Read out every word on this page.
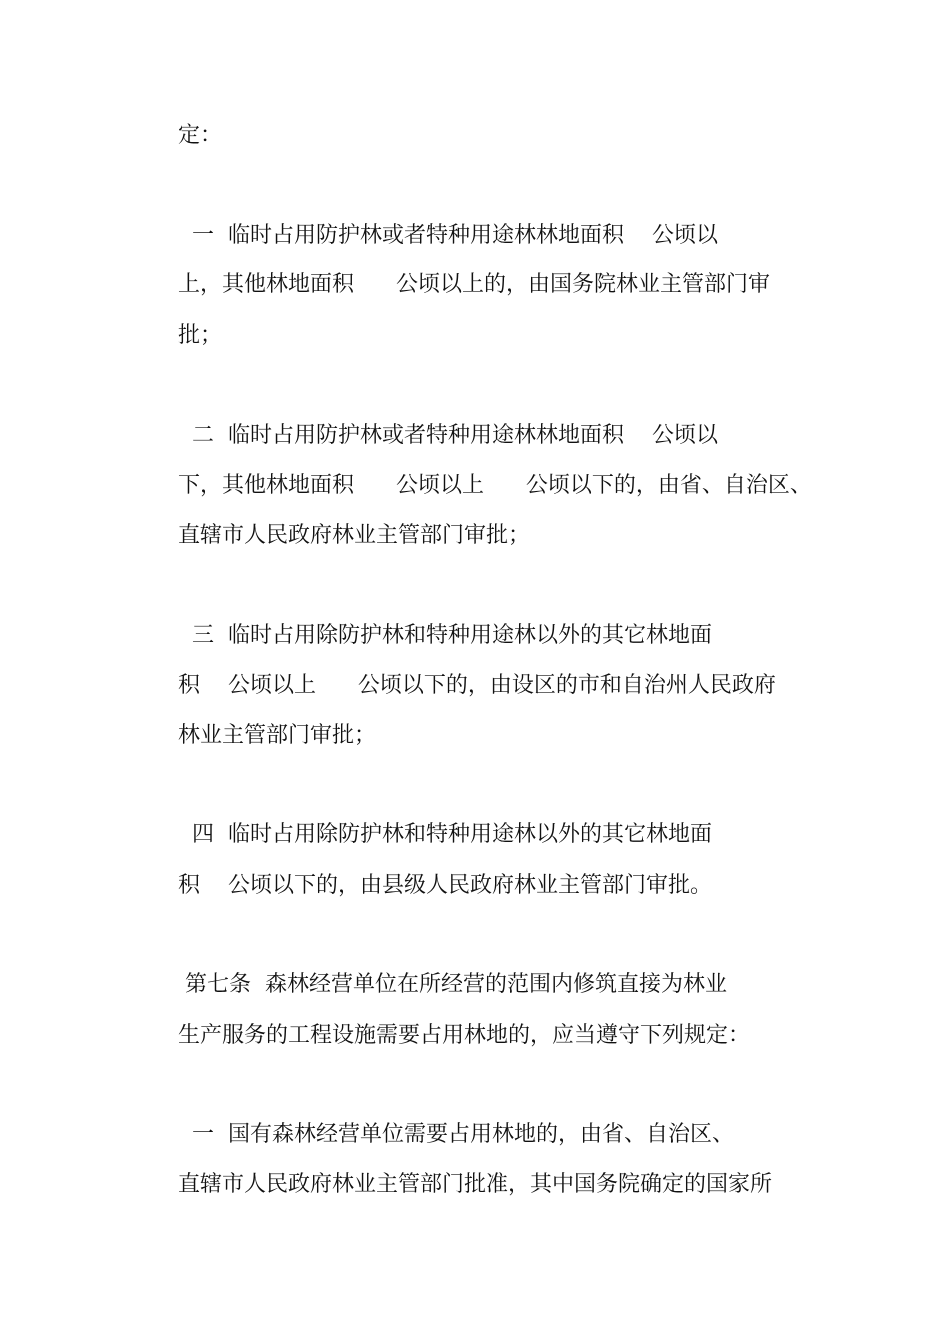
定：

一  临时占用防护林或者特种用途林林地面积    公顷以

上，其他林地面积      公顷以上的，由国务院林业主管部门审

批；

二  临时占用防护林或者特种用途林林地面积    公顷以

下，其他林地面积      公顷以上      公顷以下的，由省、自治区、

直辖市人民政府林业主管部门审批；

三  临时占用除防护林和特种用途林以外的其它林地面

积    公顷以上      公顷以下的，由设区的市和自治州人民政府

林业主管部门审批；

四  临时占用除防护林和特种用途林以外的其它林地面

积    公顷以下的，由县级人民政府林业主管部门审批。

第七条  森林经营单位在所经营的范围内修筑直接为林业

生产服务的工程设施需要占用林地的，应当遵守下列规定：

一  国有森林经营单位需要占用林地的，由省、自治区、

直辖市人民政府林业主管部门批准，其中国务院确定的国家所
